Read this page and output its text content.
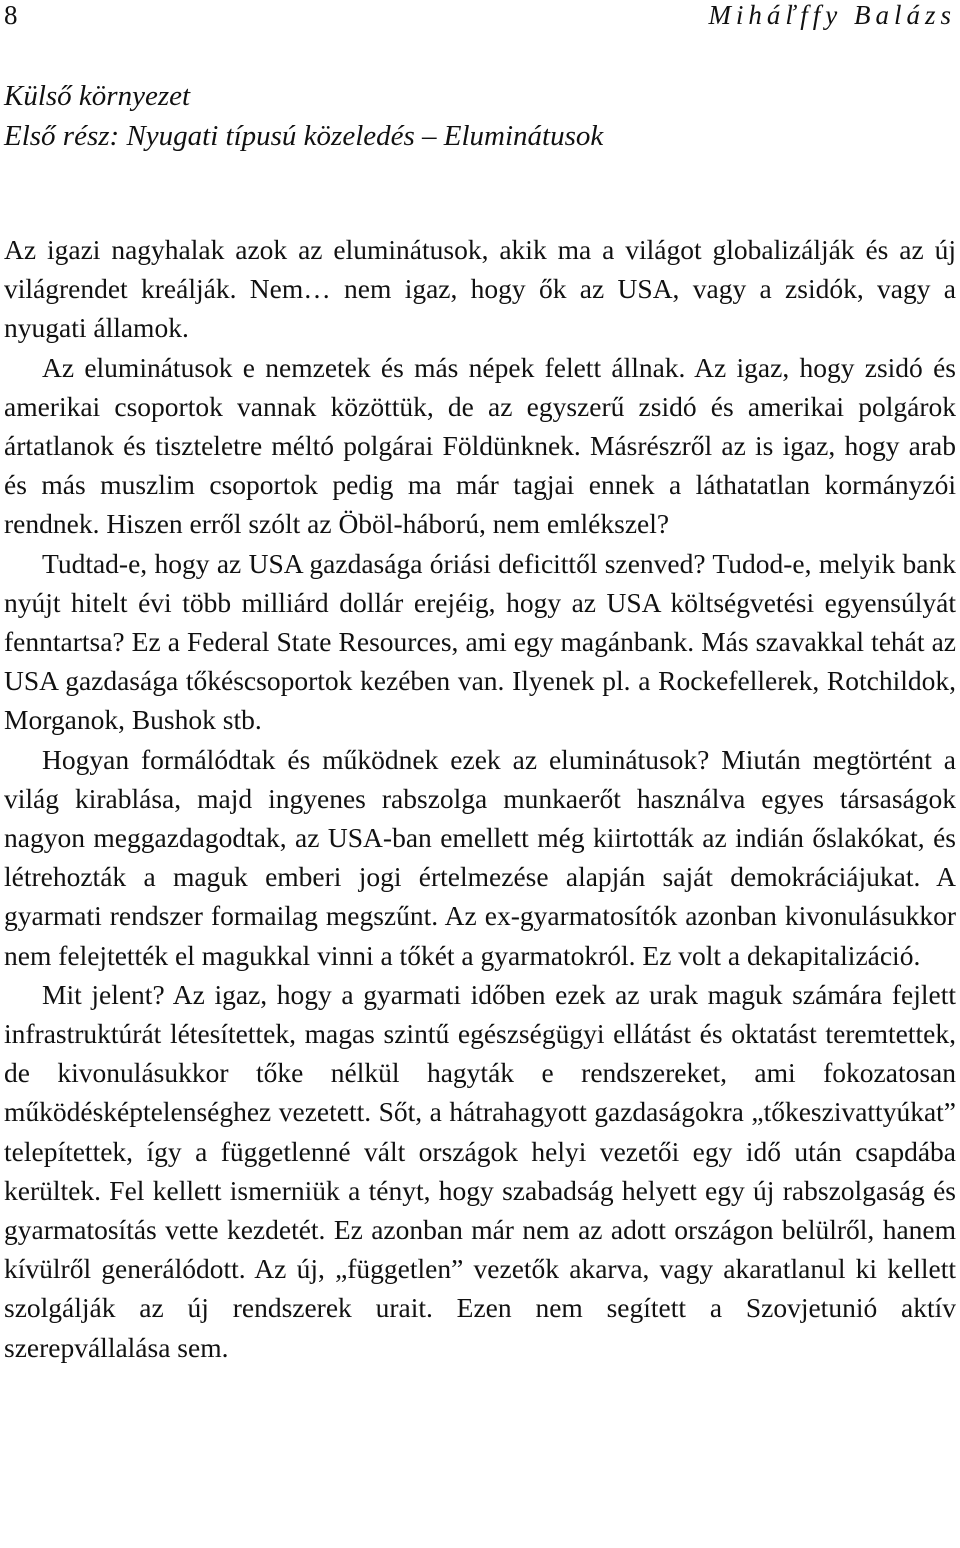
8	Miháľffy Balázs
Külső környezet
Első rész: Nyugati típusú közeledés – Eluminátusok

Az igazi nagyhalak azok az eluminátusok, akik ma a világot globalizálják és az új világrendet kreálják. Nem… nem igaz, hogy ők az USA, vagy a zsidók, vagy a nyugati államok.

Az eluminátusok e nemzetek és más népek felett állnak. Az igaz, hogy zsidó és amerikai csoportok vannak közöttük, de az egyszerű zsidó és amerikai polgárok ártatlanok és tiszteletre méltó polgárai Földünknek. Másrészről az is igaz, hogy arab és más muszlim csoportok pedig ma már tagjai ennek a láthatatlan kormányzói rendnek. Hiszen erről szólt az Öböl-háború, nem emlékszel?

Tudtad-e, hogy az USA gazdasága óriási deficittől szenved? Tudod-e, melyik bank nyújt hitelt évi több milliárd dollár erejéig, hogy az USA költségvetési egyensúlyát fenntartsa? Ez a Federal State Resources, ami egy magánbank. Más szavakkal tehát az USA gazdasága tőkéscsoportok kezében van. Ilyenek pl. a Rockefellerek, Rotchildok, Morganok, Bushok stb.

Hogyan formálódtak és működnek ezek az eluminátusok? Miután megtörtént a világ kirablása, majd ingyenes rabszolga munkaerőt használva egyes társaságok nagyon meggazdagodtak, az USA-ban emellett még kiirtották az indián őslakókat, és létrehozták a maguk emberi jogi értelmezése alapján saját demokráciájukat. A gyarmati rendszer formailag megszűnt. Az ex-gyarmatosítók azonban kivonulásukkor nem felejtették el magukkal vinni a tőkét a gyarmatokról. Ez volt a dekapitalizáció.

Mit jelent? Az igaz, hogy a gyarmati időben ezek az urak maguk számára fejlett infrastruktúrát létesítettek, magas szintű egészségügyi ellátást és oktatást teremtettek, de kivonulásukkor tőke nélkül hagyták e rendszereket, ami fokozatosan működésképtelenséghez vezetett. Sőt, a hátrahagyott gazdaságokra „tőkeszivattyúkat” telepítettek, így a függetlenné vált országok helyi vezetői egy idő után csapdába kerültek. Fel kellett ismerniük a tényt, hogy szabadság helyett egy új rabszolgaság és gyarmatosítás vette kezdetét. Ez azonban már nem az adott országon belülről, hanem kívülről generálódott. Az új, „független” vezetők akarva, vagy akaratlanul ki kellett szolgálják az új rendszerek urait. Ezen nem segített a Szovjetunió aktív szerepvállalása sem.
